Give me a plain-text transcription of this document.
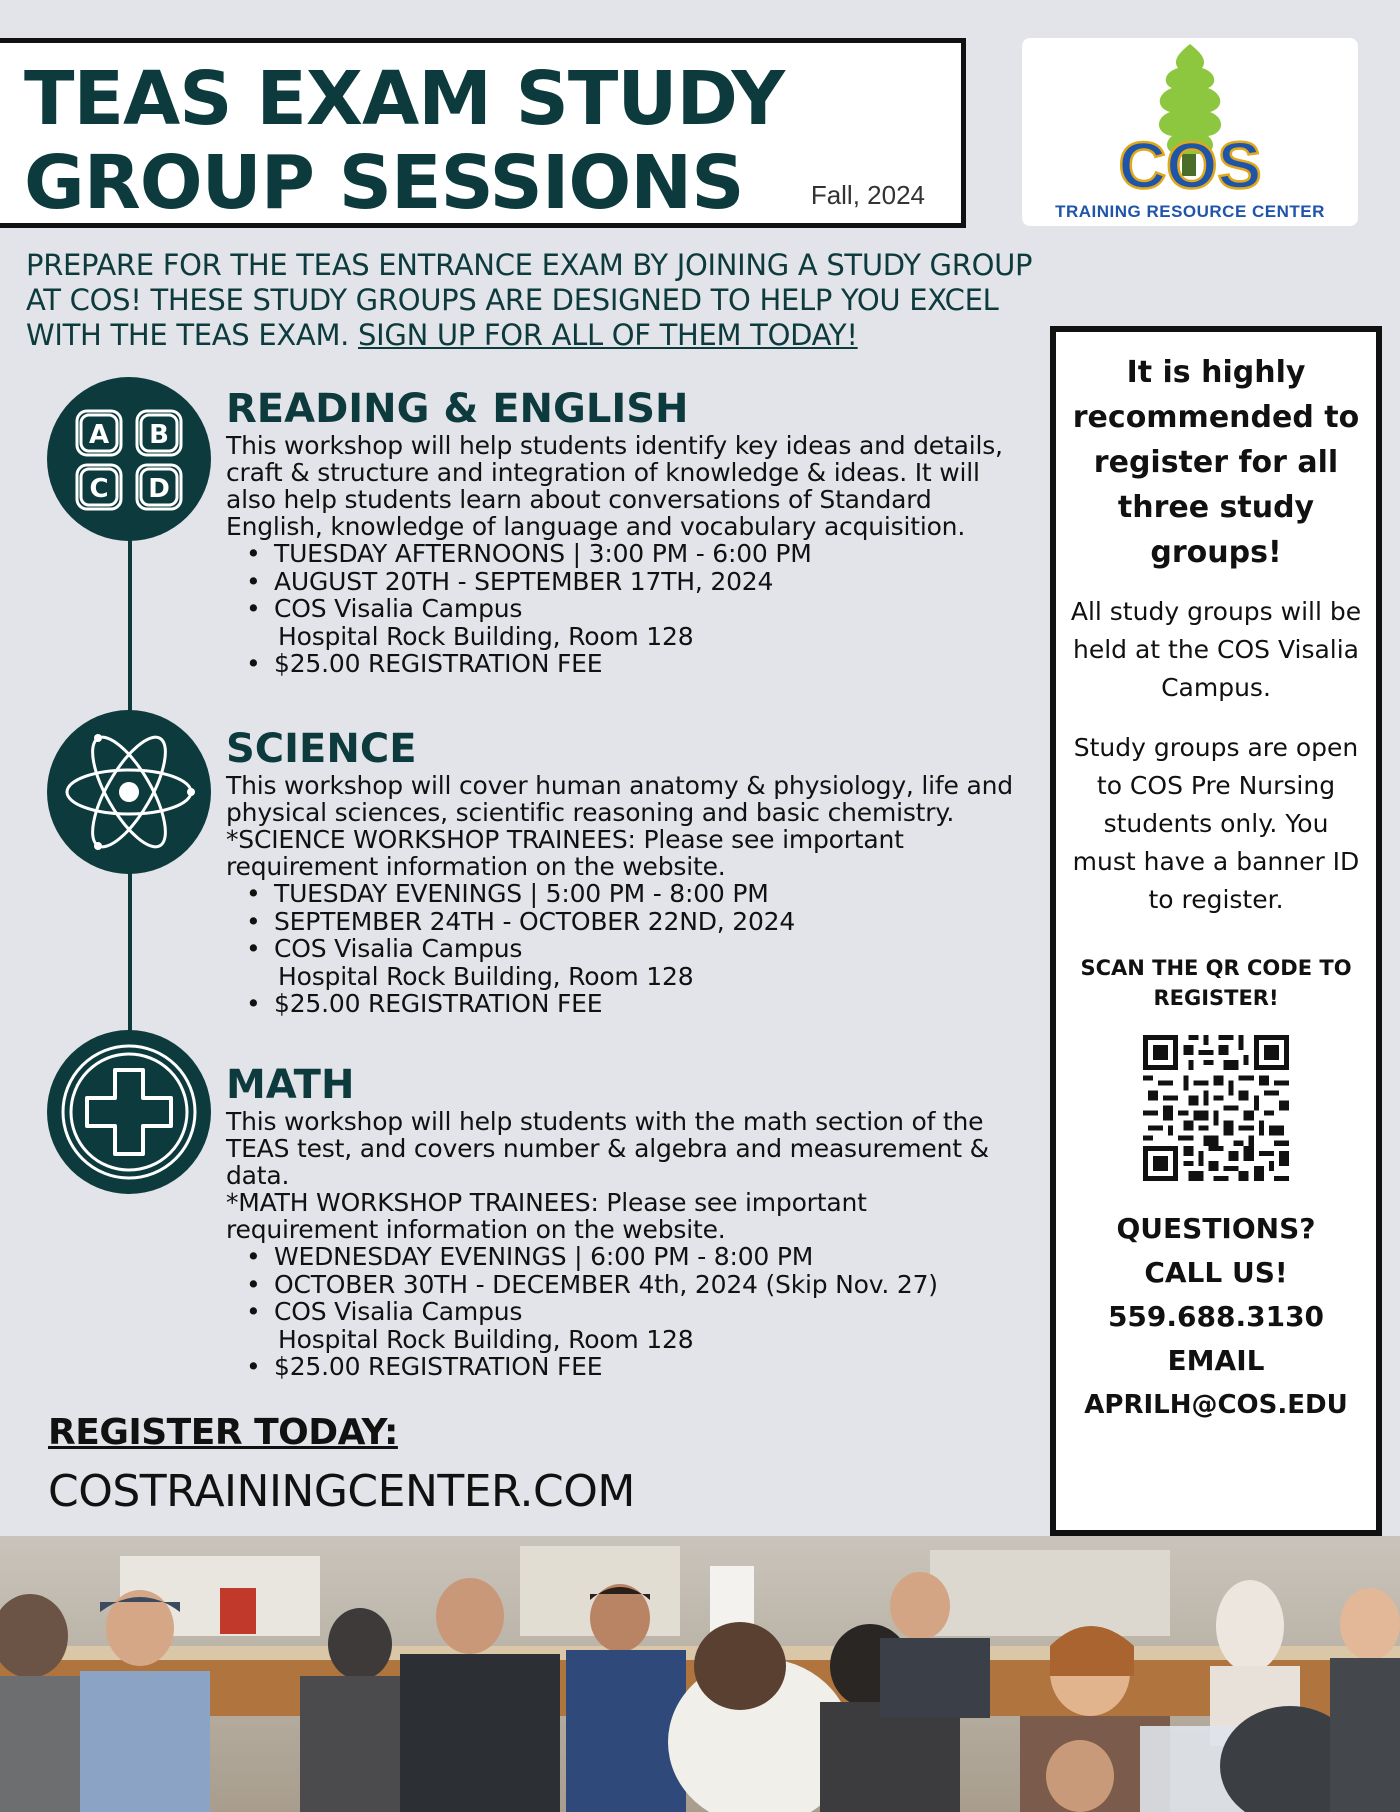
TEAS EXAM STUDY
GROUP SESSIONS	Fall, 2024	COS
TRAINING RESOURCE CENTER
PREPARE FOR THE TEAS ENTRANCE EXAM BY JOINING A STUDY GROUP AT COS! THESE STUDY GROUPS ARE DESIGNED TO HELP YOU EXCEL WITH THE TEAS EXAM. SIGN UP FOR ALL OF THEM TODAY!
A B
C D
READING & ENGLISH

This workshop will help students identify key ideas and details, craft & structure and integration of knowledge & ideas. It will also help students learn about conversations of Standard English, knowledge of language and vocabulary acquisition.

• TUESDAY AFTERNOONS | 3:00 PM - 6:00 PM
• AUGUST 20TH - SEPTEMBER 17TH, 2024
• COS Visalia Campus
Hospital Rock Building, Room 128
• $25.00 REGISTRATION FEE
SCIENCE

This workshop will cover human anatomy & physiology, life and physical sciences, scientific reasoning and basic chemistry.

*SCIENCE WORKSHOP TRAINEES: Please see important requirement information on the website.

• TUESDAY EVENINGS | 5:00 PM - 8:00 PM
• SEPTEMBER 24TH - OCTOBER 22ND, 2024
• COS Visalia Campus
Hospital Rock Building, Room 128
• $25.00 REGISTRATION FEE
MATH

This workshop will help students with the math section of the TEAS test, and covers number & algebra and measurement & data.

*MATH WORKSHOP TRAINEES: Please see important requirement information on the website.

• WEDNESDAY EVENINGS | 6:00 PM - 8:00 PM
• OCTOBER 30TH - DECEMBER 4th, 2024 (Skip Nov. 27)
• COS Visalia Campus
Hospital Rock Building, Room 128
• $25.00 REGISTRATION FEE
It is highly recommended to register for all three study groups!

All study groups will be held at the COS Visalia Campus.

Study groups are open to COS Pre Nursing students only. You must have a banner ID to register.

SCAN THE QR CODE TO REGISTER!

QUESTIONS?
CALL US!
559.688.3130
EMAIL
APRILH@COS.EDU
REGISTER TODAY:
COSTRAININGCENTER.COM
